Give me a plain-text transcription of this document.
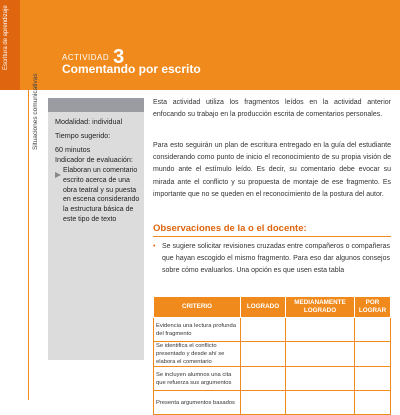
Escritura de aprendizaje
Situaciones comunicativas
ACTIVIDAD 3
Comentando por escrito
Modalidad: individual
Tiempo sugerido:
60 minutos
Indicador de evaluación:
Elaboran un comentario escrito acerca de una obra teatral y su puesta en escena considerando la estructura básica de este tipo de texto
Esta actividad utiliza los fragmentos leídos en la actividad anterior enfocando su trabajo en la producción escrita de comentarios personales.
Para esto seguirán un plan de escritura entregado en la guía del estudiante considerando como punto de inicio el reconocimiento de su propia visión de mundo ante el estímulo leído. Es decir, su comentario debe evocar su mirada ante el conflicto y su propuesta de montaje de ese fragmento. Es importante que no se queden en el reconocimiento de la postura del autor.
Observaciones de la o el docente:
• Se sugiere solicitar revisiones cruzadas entre compañeros o compañeras que hayan escogido el mismo fragmento. Para eso dar algunos consejos sobre cómo evaluarlos. Una opción es que usen esta tabla
CRITERIO	LOGRADO	MEDIANAMENTE LOGRADO	POR LOGRAR
Evidencia una lectura profunda del fragmento			
Se identifica el conflicto presentado y desde ahí se elabora el comentario			
Se incluyen alumnos una cita que refuerza sus argumentos			
Presenta argumentos basados			
